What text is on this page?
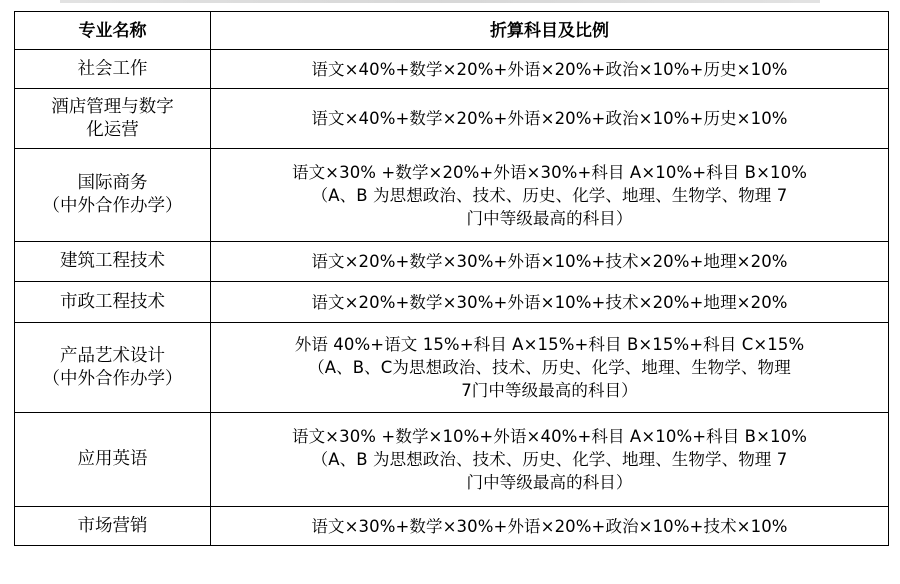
专业名称	折算科目及比例

社会工作	语文×40%+数学×20%+外语×20%+政治×10%+历史×10%

酒店管理与数字
化运营	语文×40%+数学×20%+外语×20%+政治×10%+历史×10%

国际商务
（中外合作办学）	语文×30% +数学×20%+外语×30%+科目 A×10%+科目 B×10%
（A、B 为思想政治、技术、历史、化学、地理、生物学、物理 7
门中等级最高的科目）

建筑工程技术	语文×20%+数学×30%+外语×10%+技术×20%+地理×20%

市政工程技术	语文×20%+数学×30%+外语×10%+技术×20%+地理×20%

产品艺术设计
（中外合作办学）	外语 40%+语文 15%+科目 A×15%+科目 B×15%+科目 C×15%
（A、B、C为思想政治、技术、历史、化学、地理、生物学、物理
7门中等级最高的科目）

应用英语	语文×30% +数学×10%+外语×40%+科目 A×10%+科目 B×10%
（A、B 为思想政治、技术、历史、化学、地理、生物学、物理 7
门中等级最高的科目）

市场营销	语文×30%+数学×30%+外语×20%+政治×10%+技术×10%
